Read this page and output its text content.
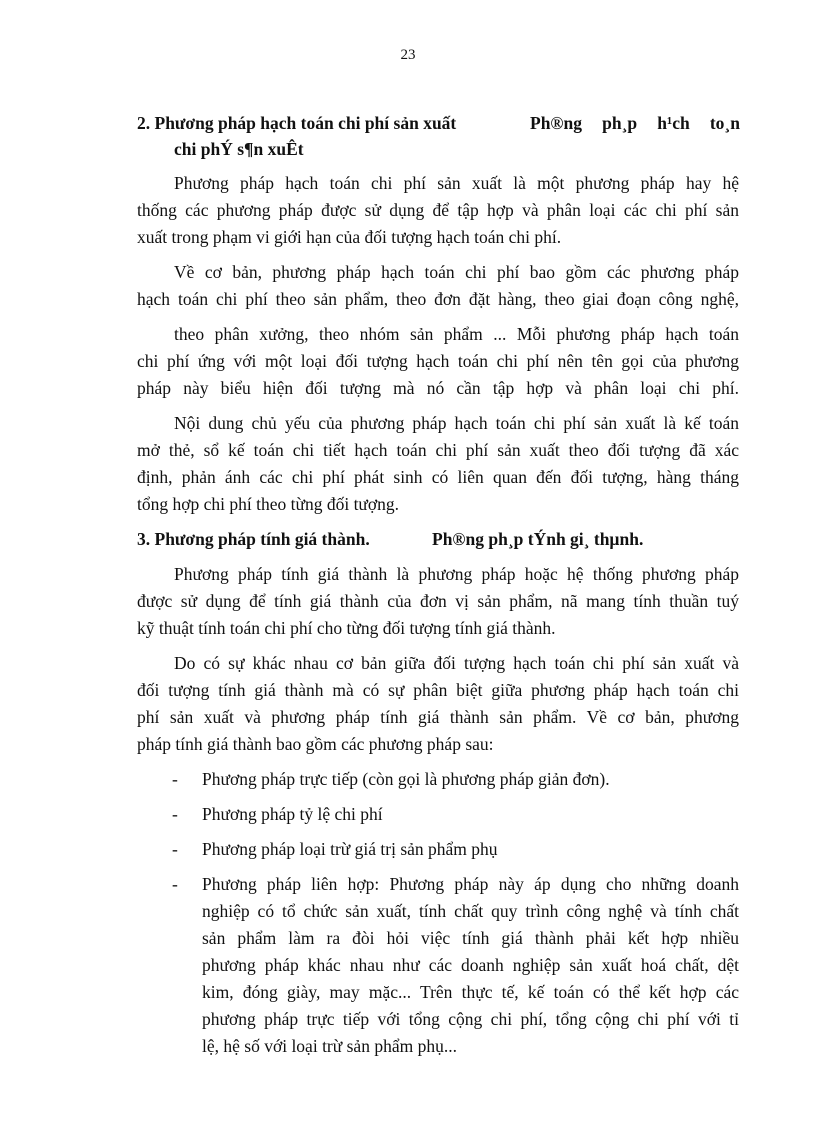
23
2. Phương pháp hạch toán chi phí sản xuất	Ph®ng ph¸p h¹ch to¸n
chi phÝ s¶n xuÊt
Phương pháp hạch toán chi phí sản xuất là một phương pháp hay hệ
thống các phương pháp được sử dụng để tập hợp và phân loại các chi phí sản
xuất trong phạm vi giới hạn của đối tượng hạch toán chi phí.
Về cơ bản, phương pháp hạch toán chi phí bao gồm các phương pháp
hạch toán chi phí theo sản phẩm, theo đơn đặt hàng, theo giai đoạn công nghệ,
theo phân xưởng, theo nhóm sản phẩm ... Mỗi phương pháp hạch toán
chi phí ứng với một loại đối tượng hạch toán chi phí nên tên gọi của phương
pháp này biểu hiện đối tượng mà nó cần tập hợp và phân loại chi phí.
Nội dung chủ yếu của phương pháp hạch toán chi phí sản xuất là kế toán
mở thẻ, sổ kế toán chi tiết hạch toán chi phí sản xuất theo đối tượng đã xác
định, phản ánh các chi phí phát sinh có liên quan đến đối tượng, hàng tháng
tổng hợp chi phí theo từng đối tượng.
3. Phương pháp tính giá thành.	Ph®ng ph¸p tÝnh gi¸ thµnh.
Phương pháp tính giá thành là phương pháp hoặc hệ thống phương pháp
được sử dụng để tính giá thành của đơn vị sản phẩm, nã mang tính thuần tuý
kỹ thuật tính toán chi phí cho từng đối tượng tính giá thành.
Do có sự khác nhau cơ bản giữa đối tượng hạch toán chi phí sản xuất và
đối tượng tính giá thành mà có sự phân biệt giữa phương pháp hạch toán chi
phí sản xuất và phương pháp tính giá thành sản phẩm. Về cơ bản, phương
pháp tính giá thành bao gồm các phương pháp sau:
- Phương pháp trực tiếp (còn gọi là phương pháp giản đơn).
- Phương pháp tỷ lệ chi phí
- Phương pháp loại trừ giá trị sản phẩm phụ
- Phương pháp liên hợp: Phương pháp này áp dụng cho những doanh
nghiệp có tổ chức sản xuất, tính chất quy trình công nghệ và tính chất
sản phẩm làm ra đòi hỏi việc tính giá thành phải kết hợp nhiều
phương pháp khác nhau như các doanh nghiệp sản xuất hoá chất, dệt
kim, đóng giày, may mặc... Trên thực tế, kế toán có thể kết hợp các
phương pháp trực tiếp với tổng cộng chi phí, tổng cộng chi phí với tỉ
lệ, hệ số với loại trừ sản phẩm phụ...
